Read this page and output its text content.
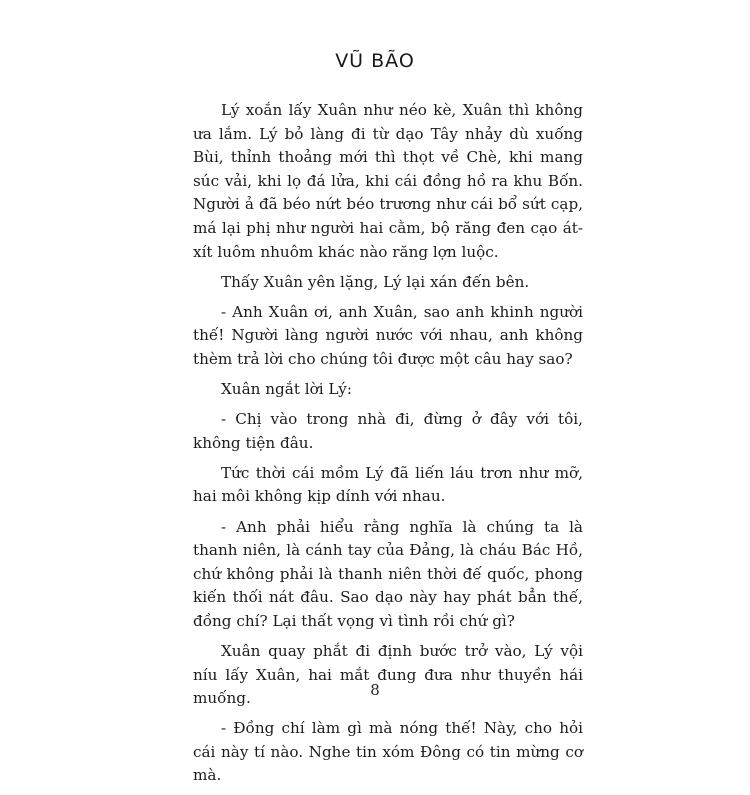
VŨ BÃO

Lý xoắn lấy Xuân như néo kè, Xuân thì không ưa lắm. Lý bỏ làng đi từ dạo Tây nhảy dù xuống Bùi, thỉnh thoảng mới thì thọt về Chè, khi mang súc vải, khi lọ đá lửa, khi cái đồng hồ ra khu Bốn. Người ả đã béo nứt béo trương như cái bổ sứt cạp, má lại phị như người hai cằm, bộ răng đen cạo át-xít luôm nhuôm khác nào răng lợn luộc.

Thấy Xuân yên lặng, Lý lại xán đến bên.

- Anh Xuân ơi, anh Xuân, sao anh khinh người thế! Người làng người nước với nhau, anh không thèm trả lời cho chúng tôi được một câu hay sao?

Xuân ngắt lời Lý:

- Chị vào trong nhà đi, đừng ở đây với tôi, không tiện đâu.

Tức thời cái mồm Lý đã liến láu trơn như mỡ, hai môi không kịp dính với nhau.

- Anh phải hiểu rằng nghĩa là chúng ta là thanh niên, là cánh tay của Đảng, là cháu Bác Hồ, chứ không phải là thanh niên thời đế quốc, phong kiến thối nát đâu. Sao dạo này hay phát bẳn thế, đồng chí? Lại thất vọng vì tình rồi chứ gì?

Xuân quay phắt đi định bước trở vào, Lý vội níu lấy Xuân, hai mắt đung đưa như thuyền hái muống.

- Đồng chí làm gì mà nóng thế! Này, cho hỏi cái này tí nào. Nghe tin xóm Đông có tin mừng cơ mà.

8
